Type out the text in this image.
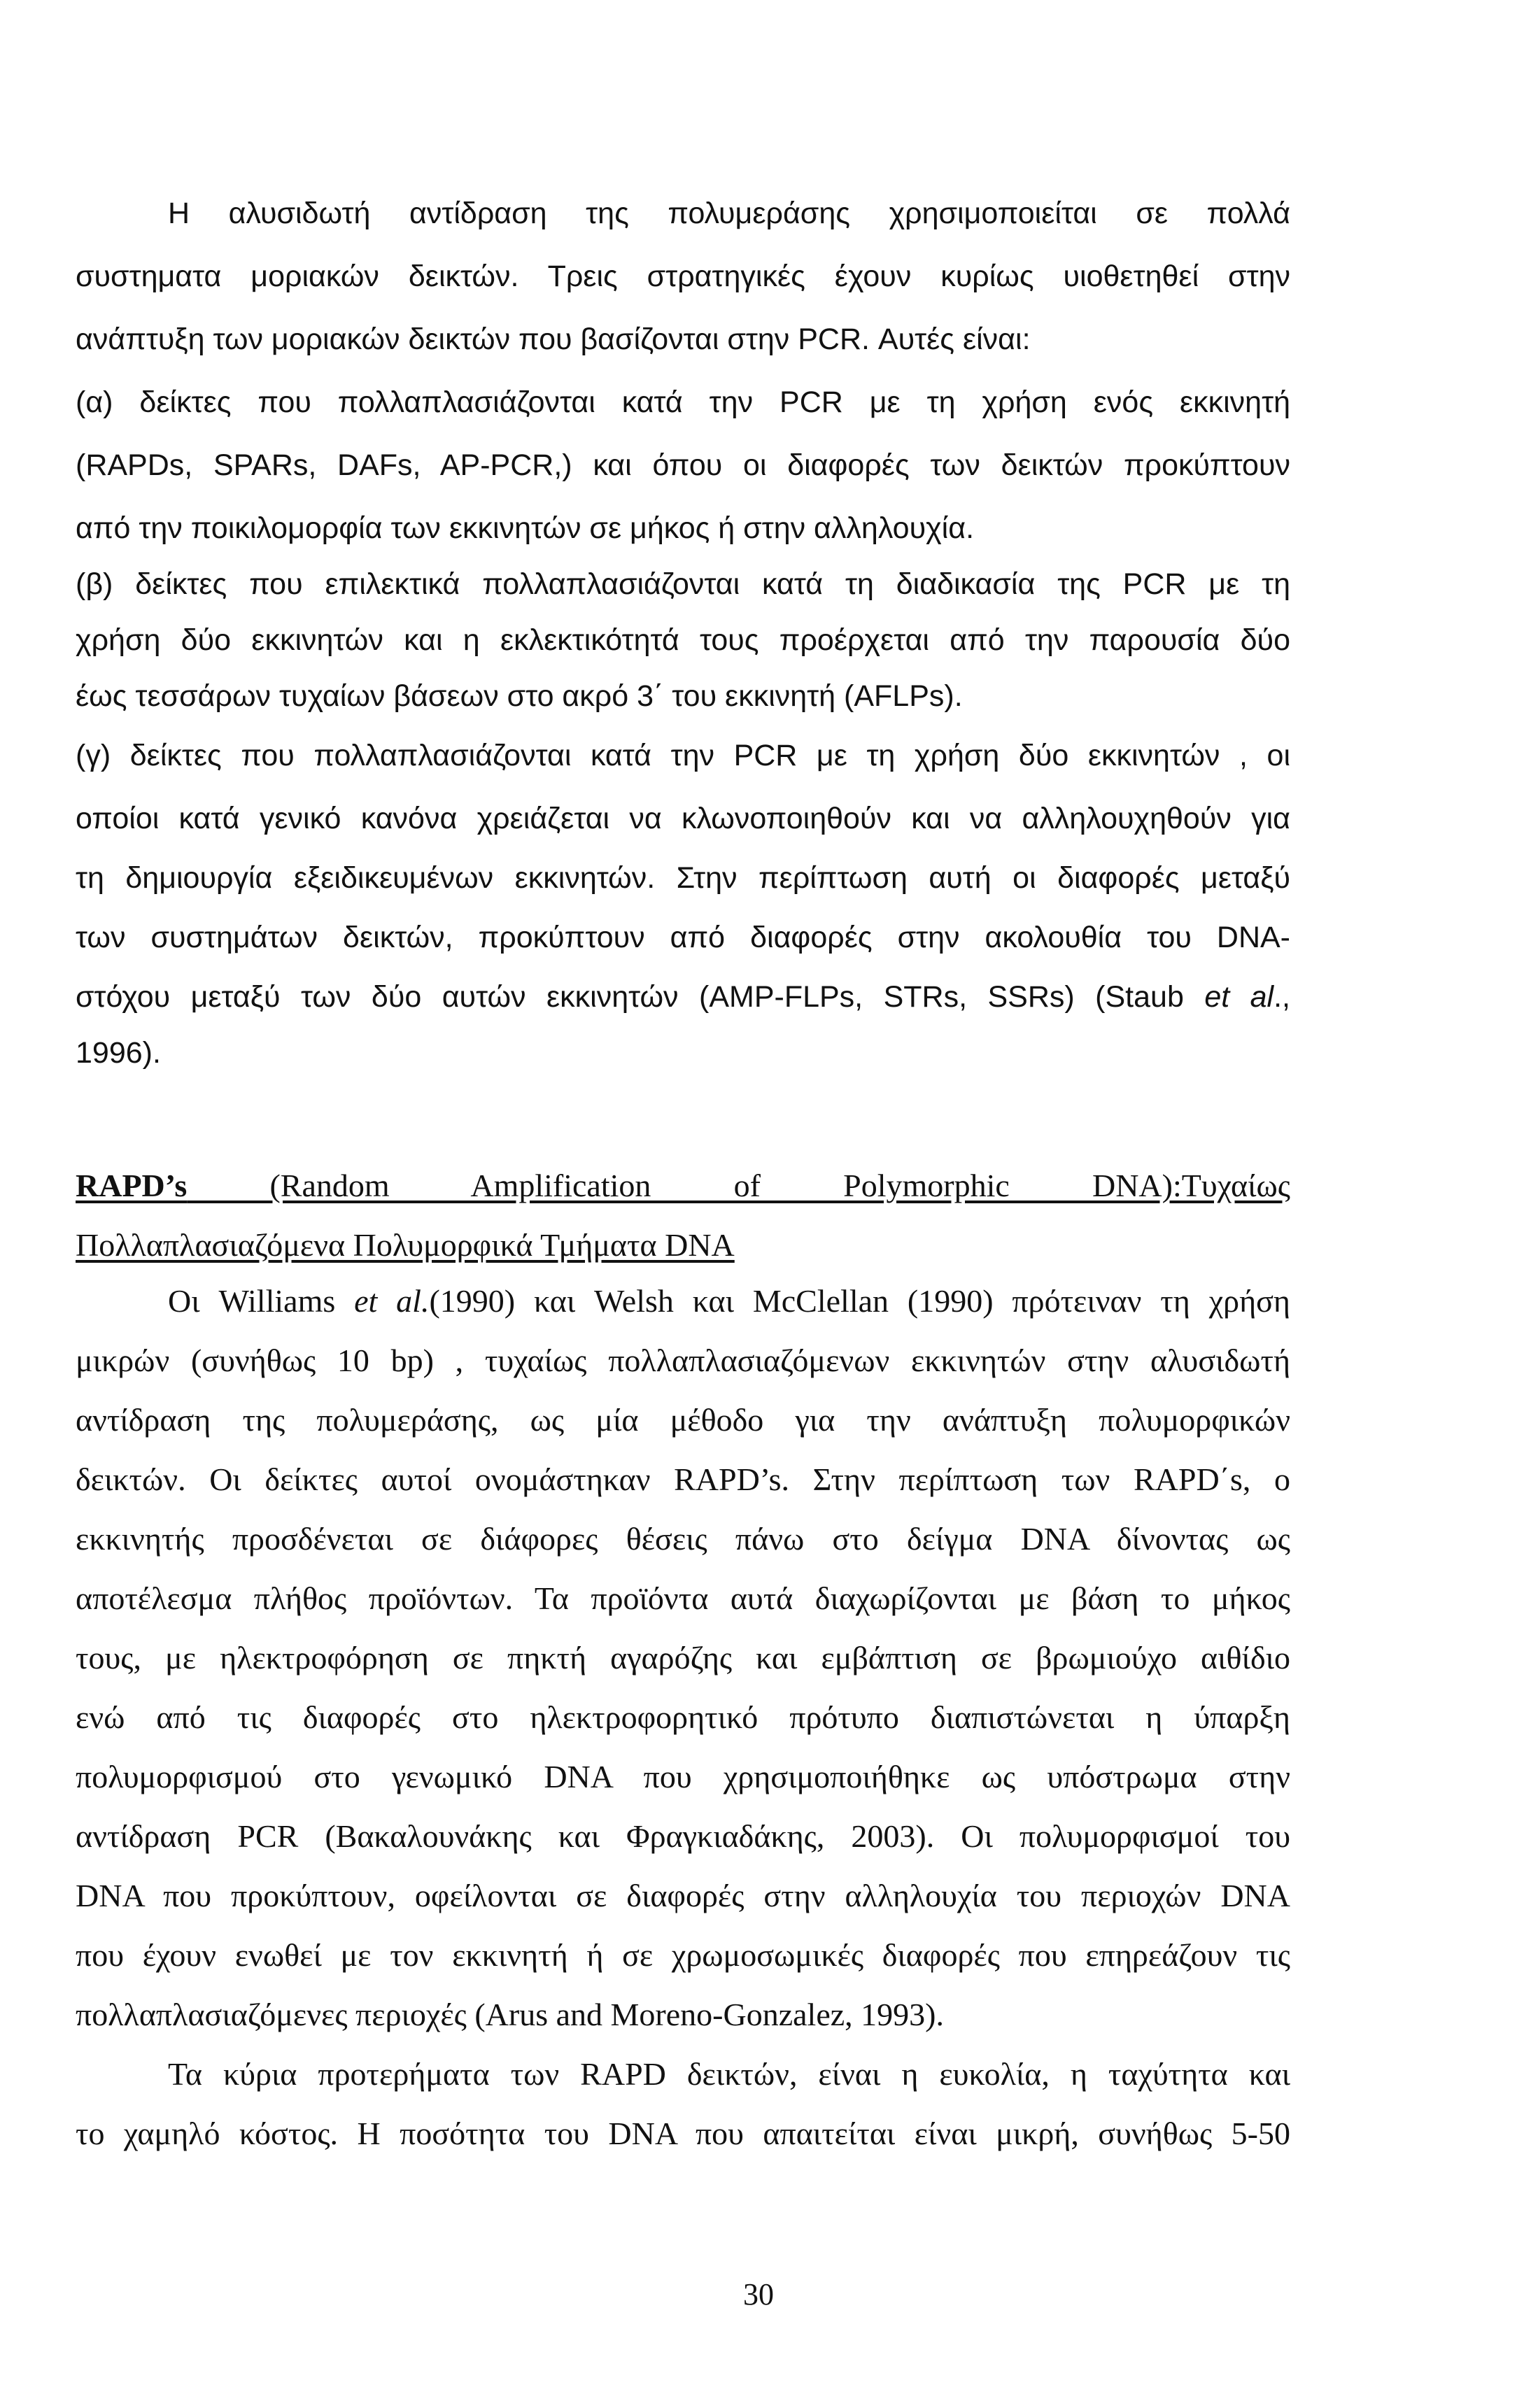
Η αλυσιδωτή αντίδραση της πολυμεράσης χρησιμοποιείται σε πολλά
συστηματα μοριακών δεικτών. Τρεις στρατηγικές έχουν κυρίως υιοθετηθεί στην
ανάπτυξη των μοριακών δεικτών που βασίζονται στην PCR. Αυτές είναι:
(α) δείκτες που πολλαπλασιάζονται κατά την PCR με τη χρήση ενός εκκινητή
(RAPDs, SPARs, DAFs, AP-PCR,) και όπου οι διαφορές των δεικτών προκύπτουν
από την ποικιλομορφία των εκκινητών σε μήκος ή στην αλληλουχία.
(β) δείκτες που επιλεκτικά πολλαπλασιάζονται κατά τη διαδικασία της PCR με τη
χρήση δύο εκκινητών και η εκλεκτικότητά τους προέρχεται από την παρουσία δύο
έως τεσσάρων τυχαίων βάσεων στο ακρό 3΄ του εκκινητή (AFLPs).
(γ) δείκτες που πολλαπλασιάζονται κατά την PCR με τη χρήση δύο εκκινητών , οι
οποίοι κατά γενικό κανόνα χρειάζεται να κλωνοποιηθούν και να αλληλουχηθούν για
τη δημιουργία εξειδικευμένων εκκινητών. Στην περίπτωση αυτή οι διαφορές μεταξύ
των συστημάτων δεικτών, προκύπτουν από διαφορές στην ακολουθία του DNA-
στόχου μεταξύ των δύο αυτών εκκινητών (AMP-FLPs, STRs, SSRs) (Staub et al.,
1996).
RAPD’s (Random Amplification of Polymorphic DNA):Τυχαίως
Πολλαπλασιαζόμενα Πολυμορφικά Τμήματα DNA
Οι Williams et al.(1990) και Welsh και McClellan (1990) πρότειναν τη χρήση
μικρών (συνήθως 10 bp) , τυχαίως πολλαπλασιαζόμενων εκκινητών στην αλυσιδωτή
αντίδραση της πολυμεράσης, ως μία μέθοδο για την ανάπτυξη πολυμορφικών
δεικτών. Οι δείκτες αυτοί ονομάστηκαν RAPD’s. Στην περίπτωση των RAPD΄s, ο
εκκινητής προσδένεται σε διάφορες θέσεις πάνω στο δείγμα DNA δίνοντας ως
αποτέλεσμα πλήθος προϊόντων. Τα προϊόντα αυτά διαχωρίζονται με βάση το μήκος
τους, με ηλεκτροφόρηση σε πηκτή αγαρόζης και εμβάπτιση σε βρωμιούχο αιθίδιο
ενώ από τις διαφορές στο ηλεκτροφορητικό πρότυπο διαπιστώνεται η ύπαρξη
πολυμορφισμού στο γενωμικό DNA που χρησιμοποιήθηκε ως υπόστρωμα στην
αντίδραση PCR (Βακαλουνάκης και Φραγκιαδάκης, 2003). Οι πολυμορφισμοί του
DNA που προκύπτουν, οφείλονται σε διαφορές στην αλληλουχία του περιοχών DNA
που έχουν ενωθεί με τον εκκινητή ή σε χρωμοσωμικές διαφορές που επηρεάζουν τις
πολλαπλασιαζόμενες περιοχές (Arus and Moreno-Gonzalez, 1993).
Τα κύρια προτερήματα των RAPD δεικτών, είναι η ευκολία, η ταχύτητα και
το χαμηλό κόστος. Η ποσότητα του DNA που απαιτείται είναι μικρή, συνήθως 5-50
30
